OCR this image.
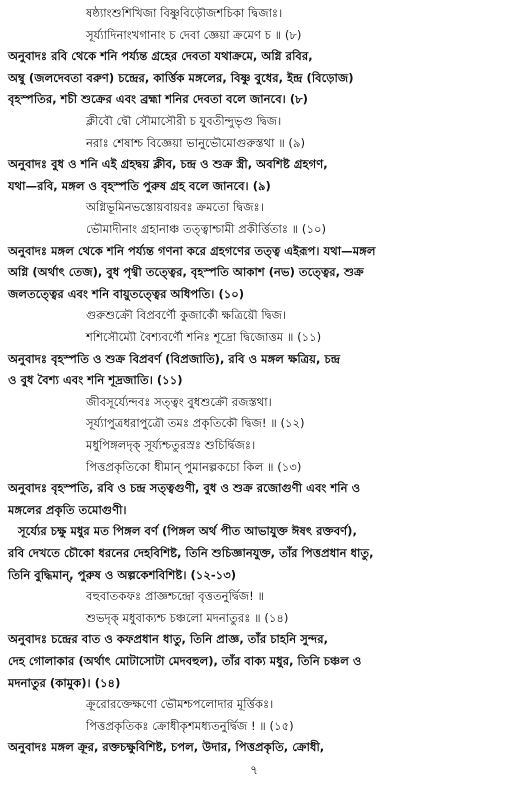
ষষ্ঠ্যাংশুশিখিজা বিষ্ণুবিড়ৌজশচিকা দ্বিজাঃ।
সূর্য্যাদিনাংখগানাং চ দেবা জ্ঞেয়া ক্রমেণ চ ॥ (৮)
অনুবাদঃ রবি থেকে শনি পর্য্যন্ত গ্রহের দেবতা যথাক্রমে, অগ্নি রবির,
অম্বু (জলদেবতা বরুণ) চন্দ্রের, কার্ত্তিক মঙ্গলের, বিষ্ণু বুধের, ইন্দ্র (বিড়োজ)
বৃহস্পতির, শচী শুক্রের এবং ব্রহ্মা শনির দেবতা বলে জানবে। (৮)
ক্লীবৌ দ্বৌ সৌমাসৌরী চ যুবতীন্দুভৃগু দ্বিজ।
নরাঃ শেষাশ্চ বিজ্ঞেয়া ভানুভৌমোগুরুস্তথা ॥ (৯)
অনুবাদঃ বুধ ও শনি এই গ্রহদ্বয় ক্লীব, চন্দ্র ও শুক্র স্ত্রী, অবশিষ্ট গ্রহগণ,
যথা—রবি, মঙ্গল ও বৃহস্পতি পুরুষ গ্রহ বলে জানবে। (৯)
অগ্নিভূমিনভস্তোয়বায়বঃ ক্রমতো দ্বিজঃ।
ভৌমাদীনাং গ্রহানাঞ্চ তত্ত্বাশ্চামী প্রকীর্ত্তিতাঃ ॥ (১০)
অনুবাদঃ মঙ্গল থেকে শনি পর্য্যন্ত গণনা করে গ্রহগণের তত্ত্ব এইরূপ। যথা—মঙ্গল
অগ্নি (অর্থাৎ তেজ), বুধ পৃথ্বী তত্ত্বের, বৃহস্পতি আকাশ (নভ) তত্ত্বের, শুক্র
জলতত্ত্বের এবং শনি বায়ুতত্ত্বের অধিপতি। (১০)
গুরুশুক্রৌ বিপ্রবর্ণৌ কুজার্কৌ ক্ষত্রিয়ৌ দ্বিজ।
শশিসৌম্যৌ বৈশ্যবর্ণৌ শনিঃ শূদ্রো দ্বিজোত্তম ॥ (১১)
অনুবাদঃ বৃহস্পতি ও শুক্র বিপ্রবর্ণ (বিপ্রজাতি), রবি ও মঙ্গল ক্ষত্রিয়, চন্দ্র
ও বুধ বৈশ্য এবং শনি শূদ্রজাতি। (১১)
জীবসূর্য্যেন্দবঃ সত্ত্বং বুধশুক্রৌ রজস্তথা।
সূর্য্যাপুত্রধরাপুত্রৌ তমঃ প্রকৃতিকৌ দ্বিজ! ॥ (১২)
মধুপিঙ্গলদৃক্ সূর্য্যশ্চতুরস্রঃ শুচির্দ্বিজঃ।
পিত্তপ্রকৃতিকো ধীমান্ পুমানল্পকচো কিল ॥ (১৩)
অনুবাদঃ বৃহস্পতি, রবি ও চন্দ্র সত্ত্বগুণী, বুধ ও শুক্র রজোগুণী এবং শনি ও
মঙ্গলের প্রকৃতি তমোগুণী।
সূর্য্যের চক্ষু মধুর মত পিঙ্গল বর্ণ (পিঙ্গল অর্থ পীত আভাযুক্ত ঈষৎ রক্তবর্ণ),
রবি দেখতে চৌকো ধরনের দেহবিশিষ্ট, তিনি শুচিজ্ঞানযুক্ত, তাঁর পিত্তপ্রধান ধাতু,
তিনি বুদ্ধিমান্, পুরুষ ও অল্পকেশবিশিষ্ট। (১২-১৩)
বহুবাতকফঃ প্রাজ্ঞশ্চন্দ্রো বৃত্ততনুর্দ্বিজ! ॥
শুভদৃক্ মধুবাক্যশ্চ চঞ্চলো মদনাতুরঃ ॥ (১৪)
অনুবাদঃ চন্দ্রের বাত ও কফপ্রধান ধাতু, তিনি প্রাজ্ঞ, তাঁর চাহনি সুন্দর,
দেহ গোলাকার (অর্থাৎ মোটাসোটা মেদবহুল), তাঁর বাক্য মধুর, তিনি চঞ্চল ও
মদনাতুর (কামুক)। (১৪)
ক্রূরোরক্তেক্ষণো ভৌমশ্চপলোদার মূর্ত্তিকঃ।
পিত্তপ্রকৃতিকঃ ক্রোধীকৃশমধ্যতনুর্দ্বিজ ! ॥ (১৫)
অনুবাদঃ মঙ্গল ক্রূর, রক্তচক্ষুবিশিষ্ট, চপল, উদার, পিত্তপ্রকৃতি, ক্রোধী,
৭
